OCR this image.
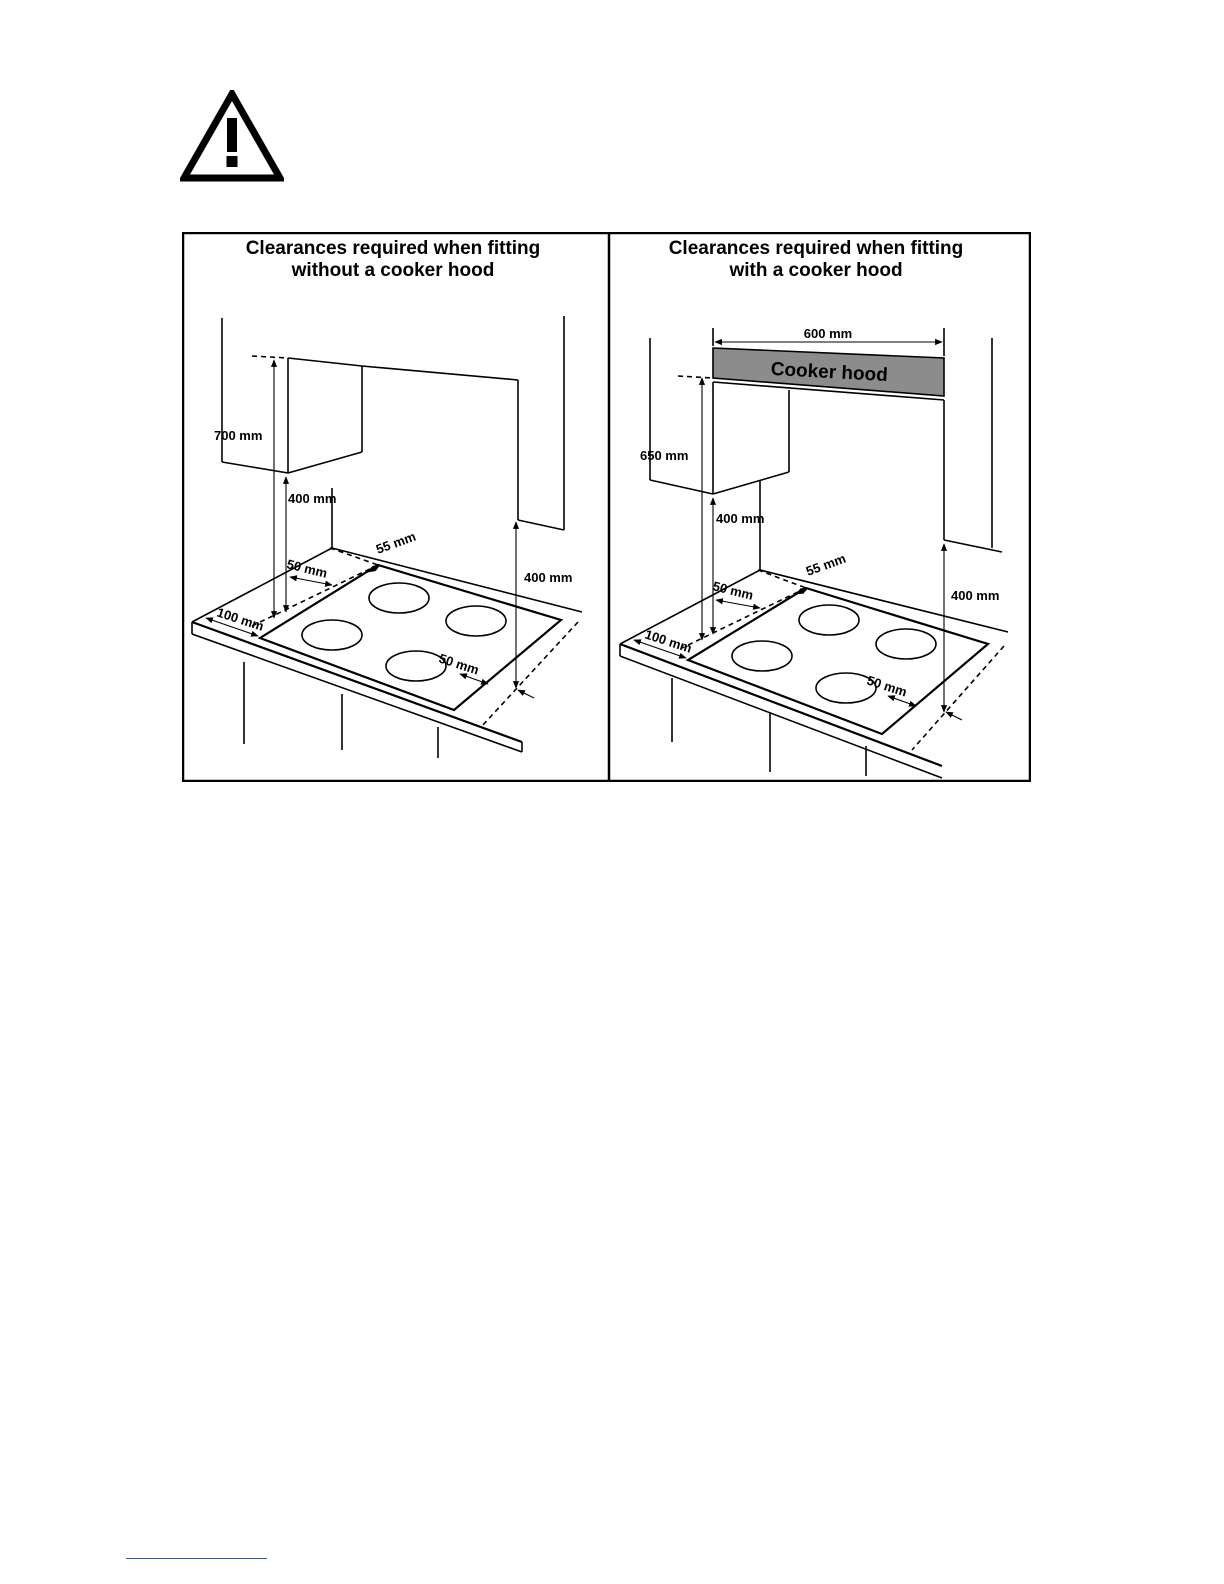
Clearances required when fitting
without a cooker hood
700 mm
400 mm
55 mm
50 mm
100 mm
400 mm
50 mm
Clearances required when fitting
with a cooker hood
600 mm
Cooker hood
650 mm
400 mm
55 mm
50 mm
100 mm
400 mm
50 mm
